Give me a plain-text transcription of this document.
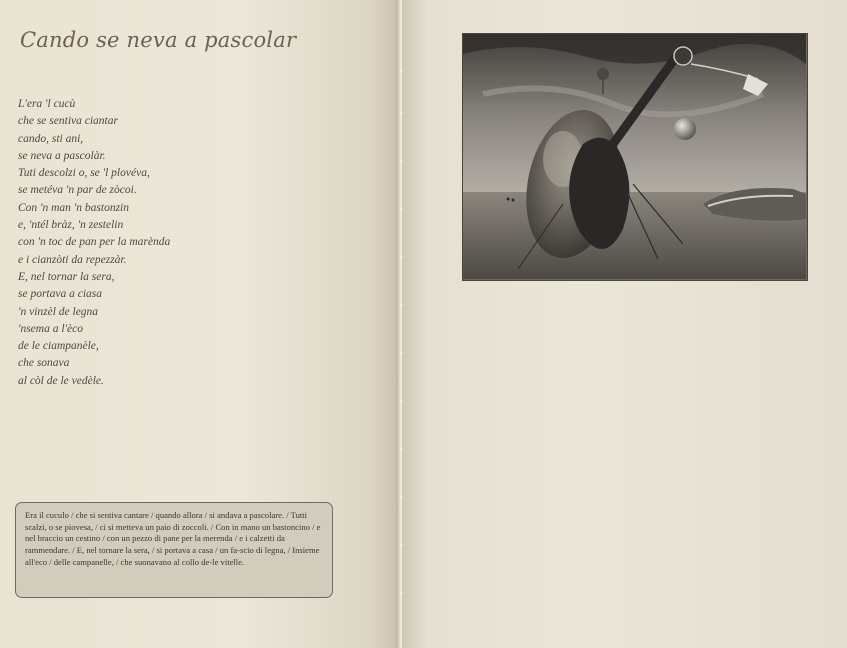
Cando se neva a pascolar
L'era 'l cucù
che se sentiva ciantar
cando, sti ani,
se neva a pascolàr.
Tuti descolzi o, se 'l plovéva,
se metéva 'n par de zòcoi.
Con 'n man 'n bastonzin
e, 'ntél bràz, 'n zestelin
con 'n toc de pan per la marènda
e i cianzòti da repezzàr.
E, nel tornar la sera,
se portava a ciasa
'n vinzèl de legna
'nsema a l'èco
de le ciampanèle,
che sonava
al còl de le vedèle.
Era il cuculo / che si sentiva cantare / quando allora / si andava a pascolare. / Tutti scalzi, o se piovesa, / ci si metteva un paio di zoccoli. / Con in mano un bastoncino / e nel braccio un cestino / con un pezzo di pane per la merenda / e i calzetti da rammendare. / E, nel tornare la sera, / si portava a casa / un fa-scio di legna, / Insieme all'eco / delle campanelle, / che suonavano al collo de-le vitelle.
